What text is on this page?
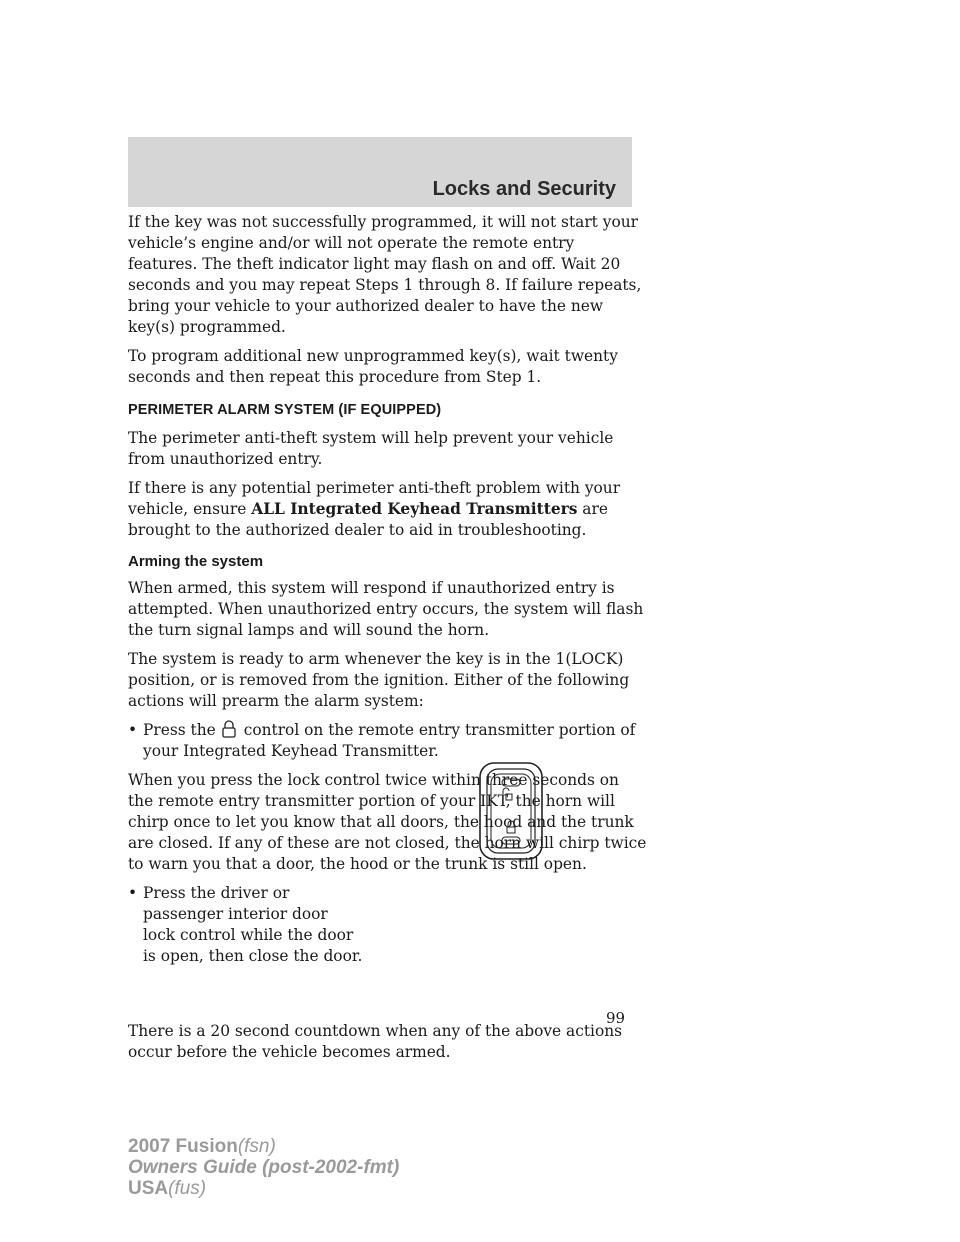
Locks and Security

If the key was not successfully programmed, it will not start your vehicle’s engine and/or will not operate the remote entry features. The theft indicator light may flash on and off. Wait 20 seconds and you may repeat Steps 1 through 8. If failure repeats, bring your vehicle to your authorized dealer to have the new key(s) programmed.

To program additional new unprogrammed key(s), wait twenty seconds and then repeat this procedure from Step 1.

PERIMETER ALARM SYSTEM (IF EQUIPPED)

The perimeter anti-theft system will help prevent your vehicle from unauthorized entry.

If there is any potential perimeter anti-theft problem with your vehicle, ensure ALL Integrated Keyhead Transmitters are brought to the authorized dealer to aid in troubleshooting.

Arming the system

When armed, this system will respond if unauthorized entry is attempted. When unauthorized entry occurs, the system will flash the turn signal lamps and will sound the horn.

The system is ready to arm whenever the key is in the 1(LOCK) position, or is removed from the ignition. Either of the following actions will prearm the alarm system:

• Press the control on the remote entry transmitter portion of your Integrated Keyhead Transmitter.

When you press the lock control twice within three seconds on the remote entry transmitter portion of your IKT, the horn will chirp once to let you know that all doors, the hood and the trunk are closed. If any of these are not closed, the horn will chirp twice to warn you that a door, the hood or the trunk is still open.

• Press the driver or passenger interior door lock control while the door is open, then close the door.

There is a 20 second countdown when any of the above actions occur before the vehicle becomes armed.

99
2007 Fusion(fsn)
Owners Guide (post-2002-fmt)
USA(fus)
